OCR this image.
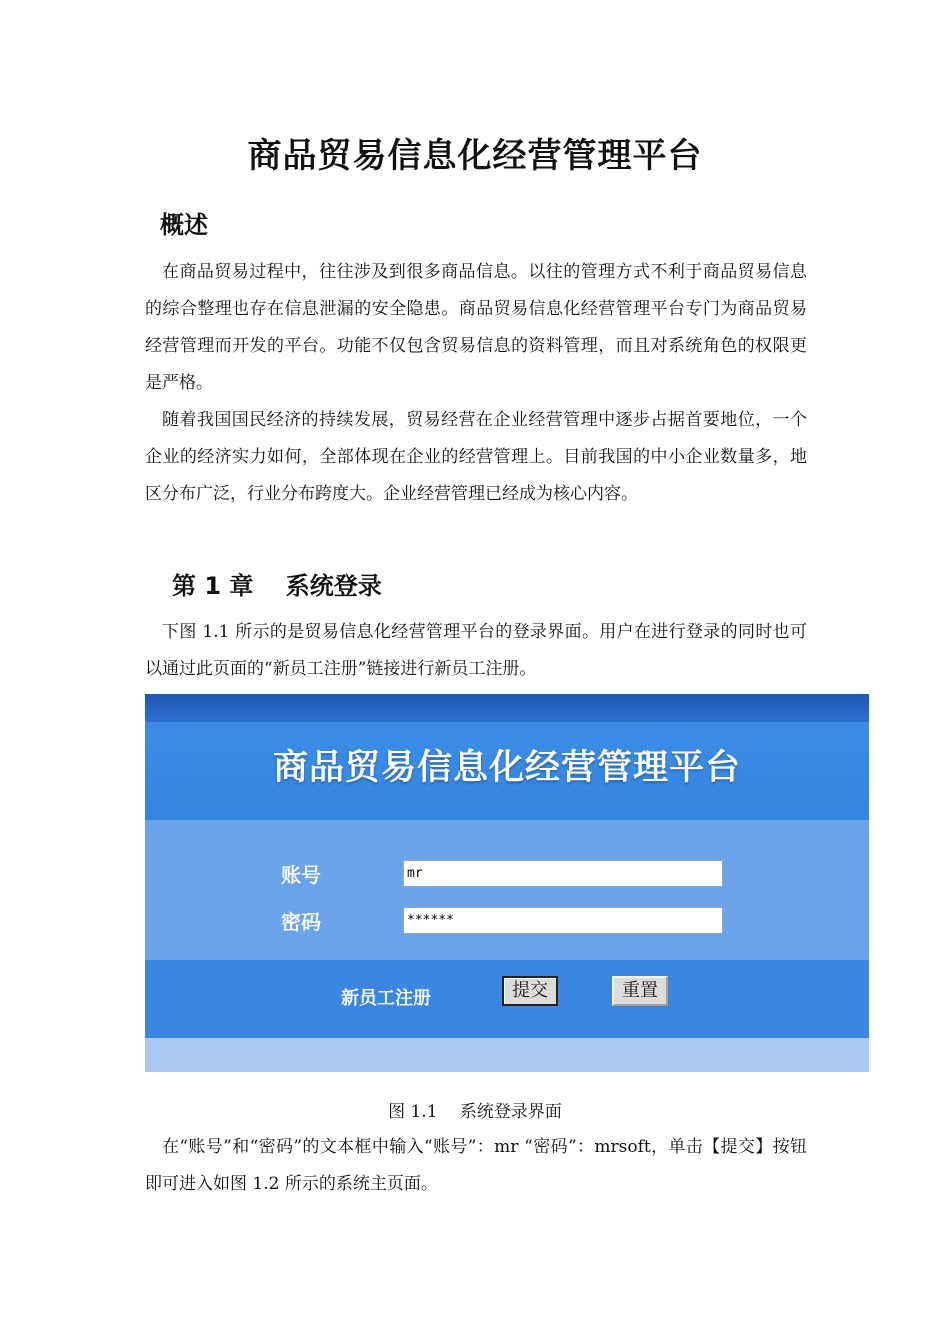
商品贸易信息化经营管理平台
概述
在商品贸易过程中，往往涉及到很多商品信息。以往的管理方式不利于商品贸易信息的综合整理也存在信息泄漏的安全隐患。商品贸易信息化经营管理平台专门为商品贸易经营管理而开发的平台。功能不仅包含贸易信息的资料管理，而且对系统角色的权限更是严格。
随着我国国民经济的持续发展，贸易经营在企业经营管理中逐步占据首要地位，一个企业的经济实力如何，全部体现在企业的经营管理上。目前我国的中小企业数量多，地区分布广泛，行业分布跨度大。企业经营管理已经成为核心内容。
第 1 章　 系统登录
下图 1.1 所示的是贸易信息化经营管理平台的登录界面。用户在进行登录的同时也可以通过此页面的“新员工注册”链接进行新员工注册。
商品贸易信息化经营管理平台
账号	mr
密码	******
新员工注册	提交	重置
图 1.1　 系统登录界面
在“账号”和“密码”的文本框中输入“账号”：mr “密码”：mrsoft，单击【提交】按钮即可进入如图 1.2 所示的系统主页面。
